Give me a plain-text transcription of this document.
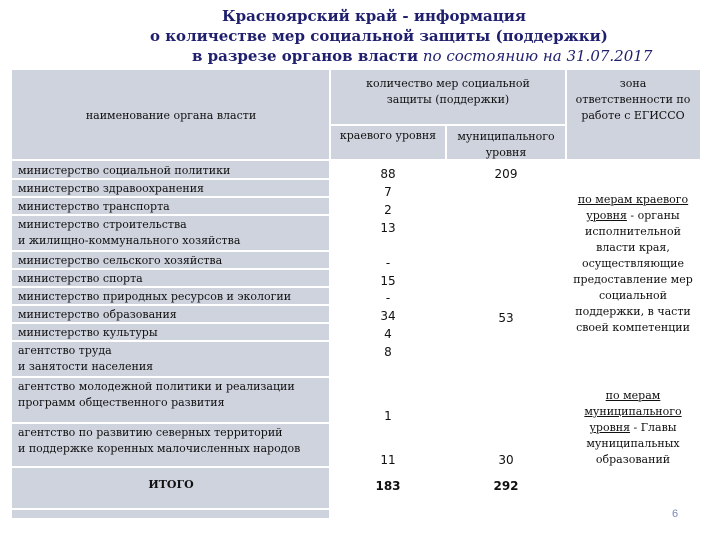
Красноярский край - информация
о количестве мер социальной защиты (поддержки)
в разрезе органов власти по состоянию на 31.07.2017
наименование органа власти
количество мер социальной
защиты (поддержки)
зона
ответственности по
работе с ЕГИССО
краевого уровня	муниципального
уровня
министерство социальной политики
министерство здравоохранения
министерство транспорта
министерство строительства
и жилищно-коммунального хозяйства
министерство сельского хозяйства
министерство спорта
министерство природных ресурсов и экологии
министерство образования
министерство культуры
агентство труда
и занятости населения
агентство молодежной политики и реализации
программ общественного развития
агентство по развитию северных территорий
и поддержке коренных малочисленных народов
ИТОГО
88
7
2
13
-
15
-
34
4
8
1
11
183
209
53
30
292
по мерам краевого
уровня - органы
исполнительной
власти края,
осуществляющие
предоставление мер
социальной
поддержки, в части
своей компетенции
по мерам
муниципального
уровня - Главы
муниципальных
образований
6
